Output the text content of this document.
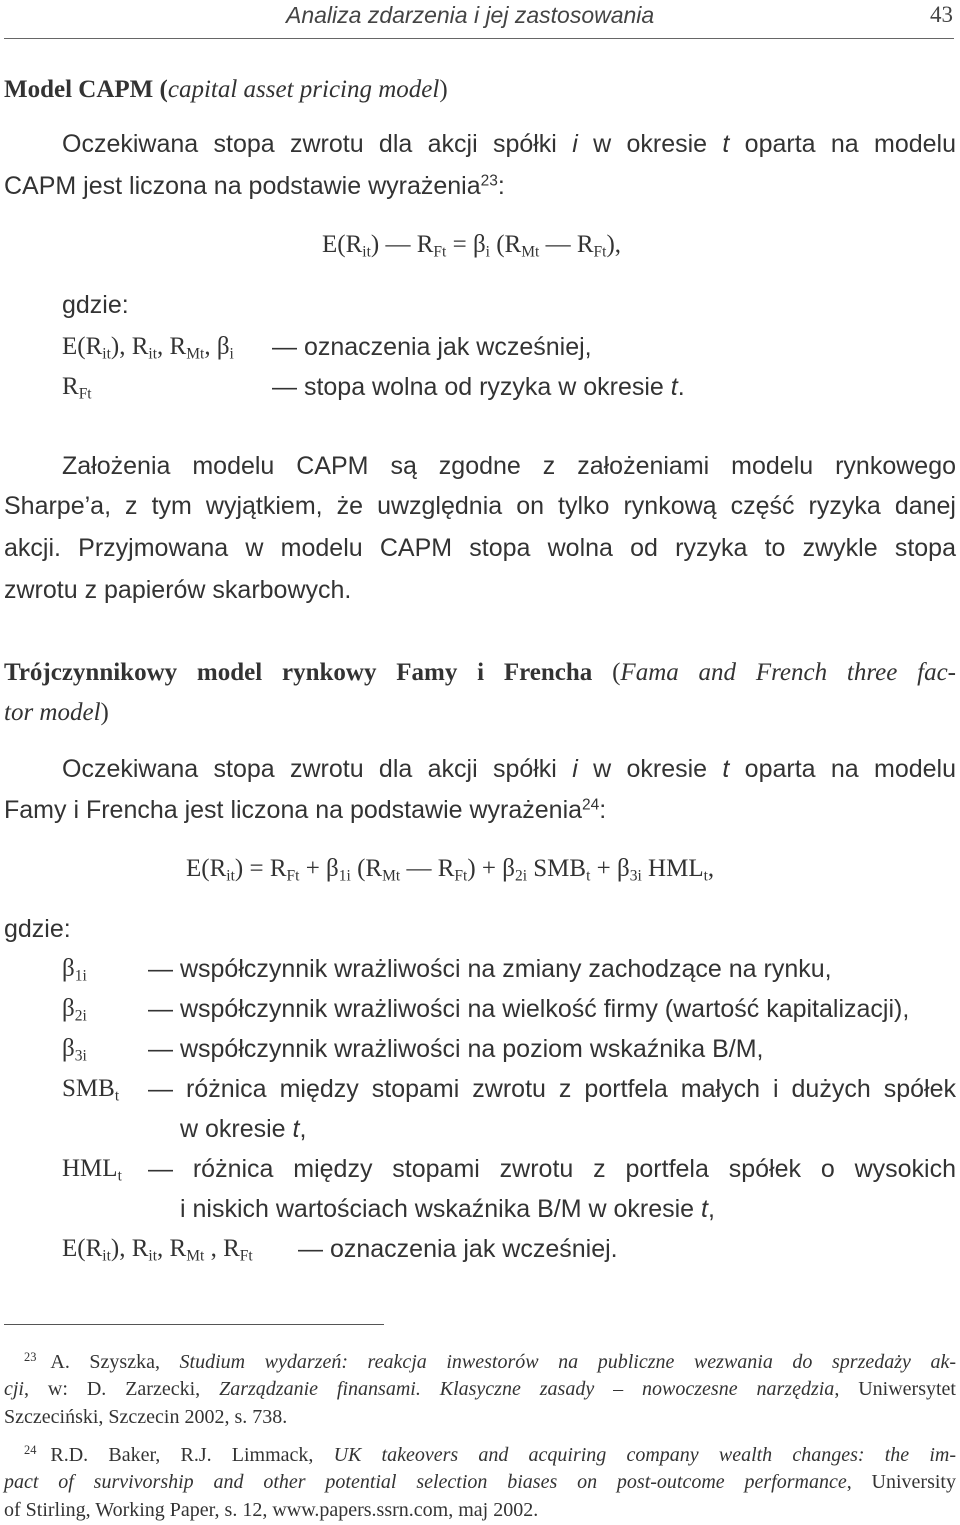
Analiza zdarzenia i jej zastosowania	43
Model CAPM (capital asset pricing model)
Oczekiwana stopa zwrotu dla akcji spółki i w okresie t oparta na modelu
CAPM jest liczona na podstawie wyrażenia$^{23}$:
$E(R_{it})$ ― $R_{Ft} = \beta_i$ ($R_{Mt}$ ― $R_{Ft}$),
gdzie:
$E(R_{it})$, $R_{it}$, $R_{Mt}$, $\beta_i$ ― oznaczenia jak wcześniej,
$R_{Ft}$	― stopa wolna od ryzyka w okresie t.
Założenia modelu CAPM są zgodne z założeniami modelu rynkowego
Sharpe’a, z tym wyjątkiem, że uwzględnia on tylko rynkową część ryzyka danej
akcji. Przyjmowana w modelu CAPM stopa wolna od ryzyka to zwykle stopa
zwrotu z papierów skarbowych.
Trójczynnikowy model rynkowy Famy i Frencha (Fama and French three fac-
tor model)
Oczekiwana stopa zwrotu dla akcji spółki i w okresie t oparta na modelu
Famy i Frencha jest liczona na podstawie wyrażenia$^{24}$:
$E(R_{it}) = R_{Ft} + \beta_{1i}$ ($R_{Mt}$ ― $R_{Ft}) + \beta_{2i}$ $SMB_t + \beta_{3i}$ $HML_t$,
gdzie:
$\beta_{1i}$ ― współczynnik wrażliwości na zmiany zachodzące na rynku,
$\beta_{2i}$ ― współczynnik wrażliwości na wielkość firmy (wartość kapitalizacji),
$\beta_{3i}$ ― współczynnik wrażliwości na poziom wskaźnika B/M,
$SMB_t$ ― różnica między stopami zwrotu z portfela małych i dużych spółek
w okresie t,
$HML_t$ ― różnica między stopami zwrotu z portfela spółek o wysokich
i niskich wartościach wskaźnika B/M w okresie t,
$E(R_{it})$, $R_{it}$, $R_{Mt}$ , $R_{Ft}$ ― oznaczenia jak wcześniej.
$^{23}$ A. Szyszka, Studium wydarzeń: reakcja inwestorów na publiczne wezwania do sprzedaży ak-
cji, w: D. Zarzecki, Zarządzanie finansami. Klasyczne zasady – nowoczesne narzędzia, Uniwersytet
Szczeciński, Szczecin 2002, s. 738.
$^{24}$ R.D. Baker, R.J. Limmack, UK takeovers and acquiring company wealth changes: the im-
pact of survivorship and other potential selection biases on post-outcome performance, University
of Stirling, Working Paper, s. 12, www.papers.ssrn.com, maj 2002.
